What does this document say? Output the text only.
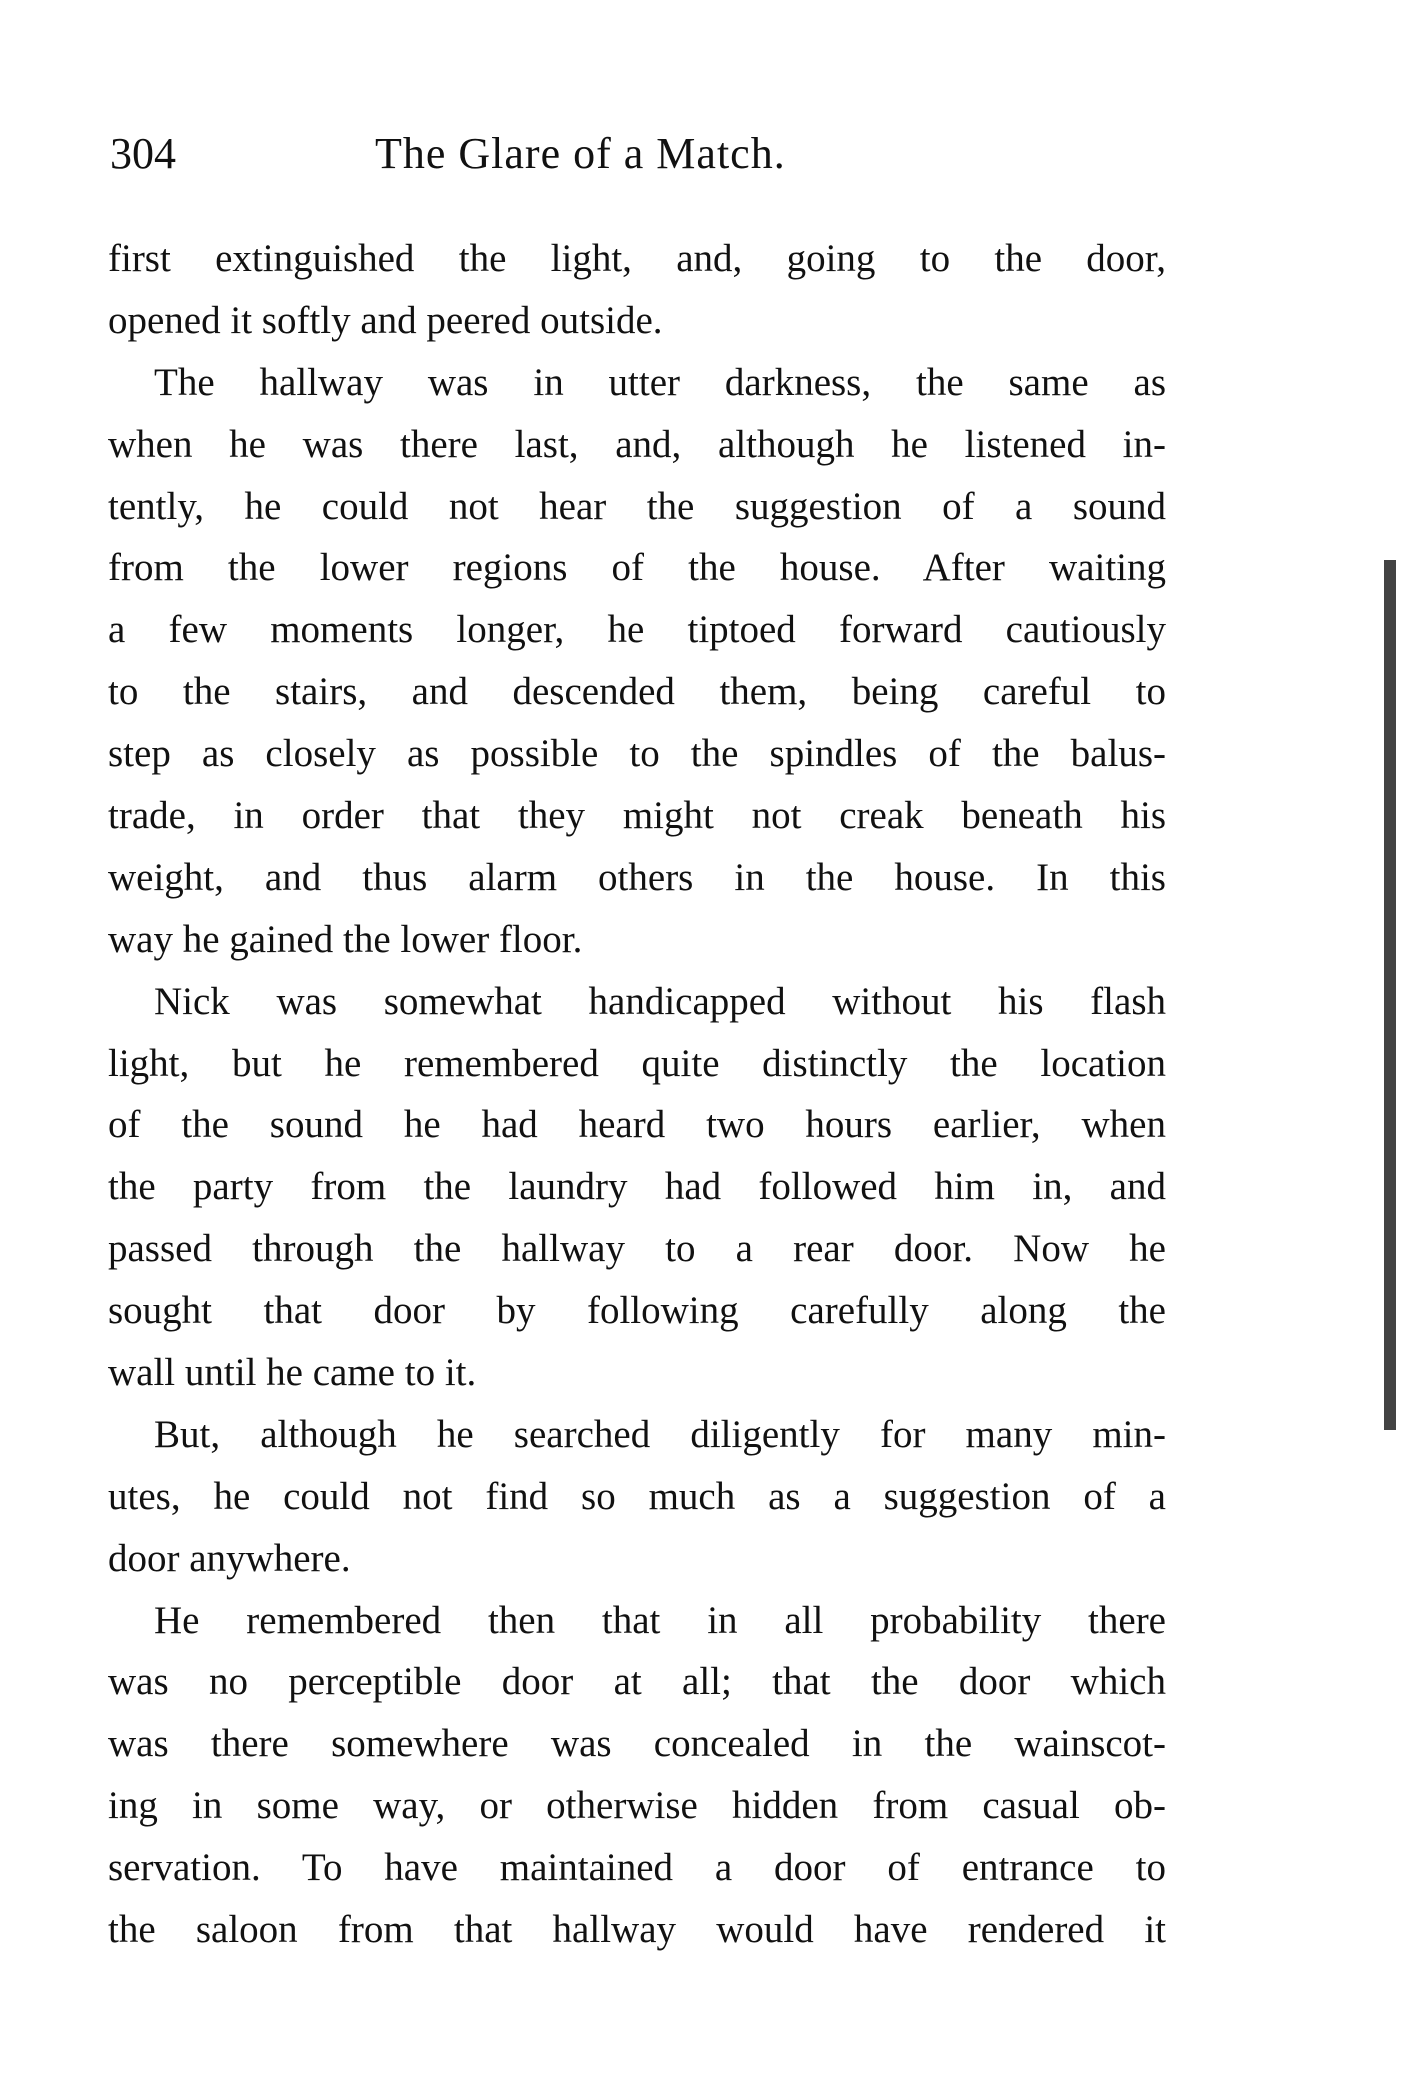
304	The Glare of a Match.
first extinguished the light, and, going to the door,
opened it softly and peered outside.
The hallway was in utter darkness, the same as
when he was there last, and, although he listened in-
tently, he could not hear the suggestion of a sound
from the lower regions of the house. After waiting
a few moments longer, he tiptoed forward cautiously
to the stairs, and descended them, being careful to
step as closely as possible to the spindles of the balus-
trade, in order that they might not creak beneath his
weight, and thus alarm others in the house. In this
way he gained the lower floor.
Nick was somewhat handicapped without his flash
light, but he remembered quite distinctly the location
of the sound he had heard two hours earlier, when
the party from the laundry had followed him in, and
passed through the hallway to a rear door. Now he
sought that door by following carefully along the
wall until he came to it.
But, although he searched diligently for many min-
utes, he could not find so much as a suggestion of a
door anywhere.
He remembered then that in all probability there
was no perceptible door at all; that the door which
was there somewhere was concealed in the wainscot-
ing in some way, or otherwise hidden from casual ob-
servation. To have maintained a door of entrance to
the saloon from that hallway would have rendered it
